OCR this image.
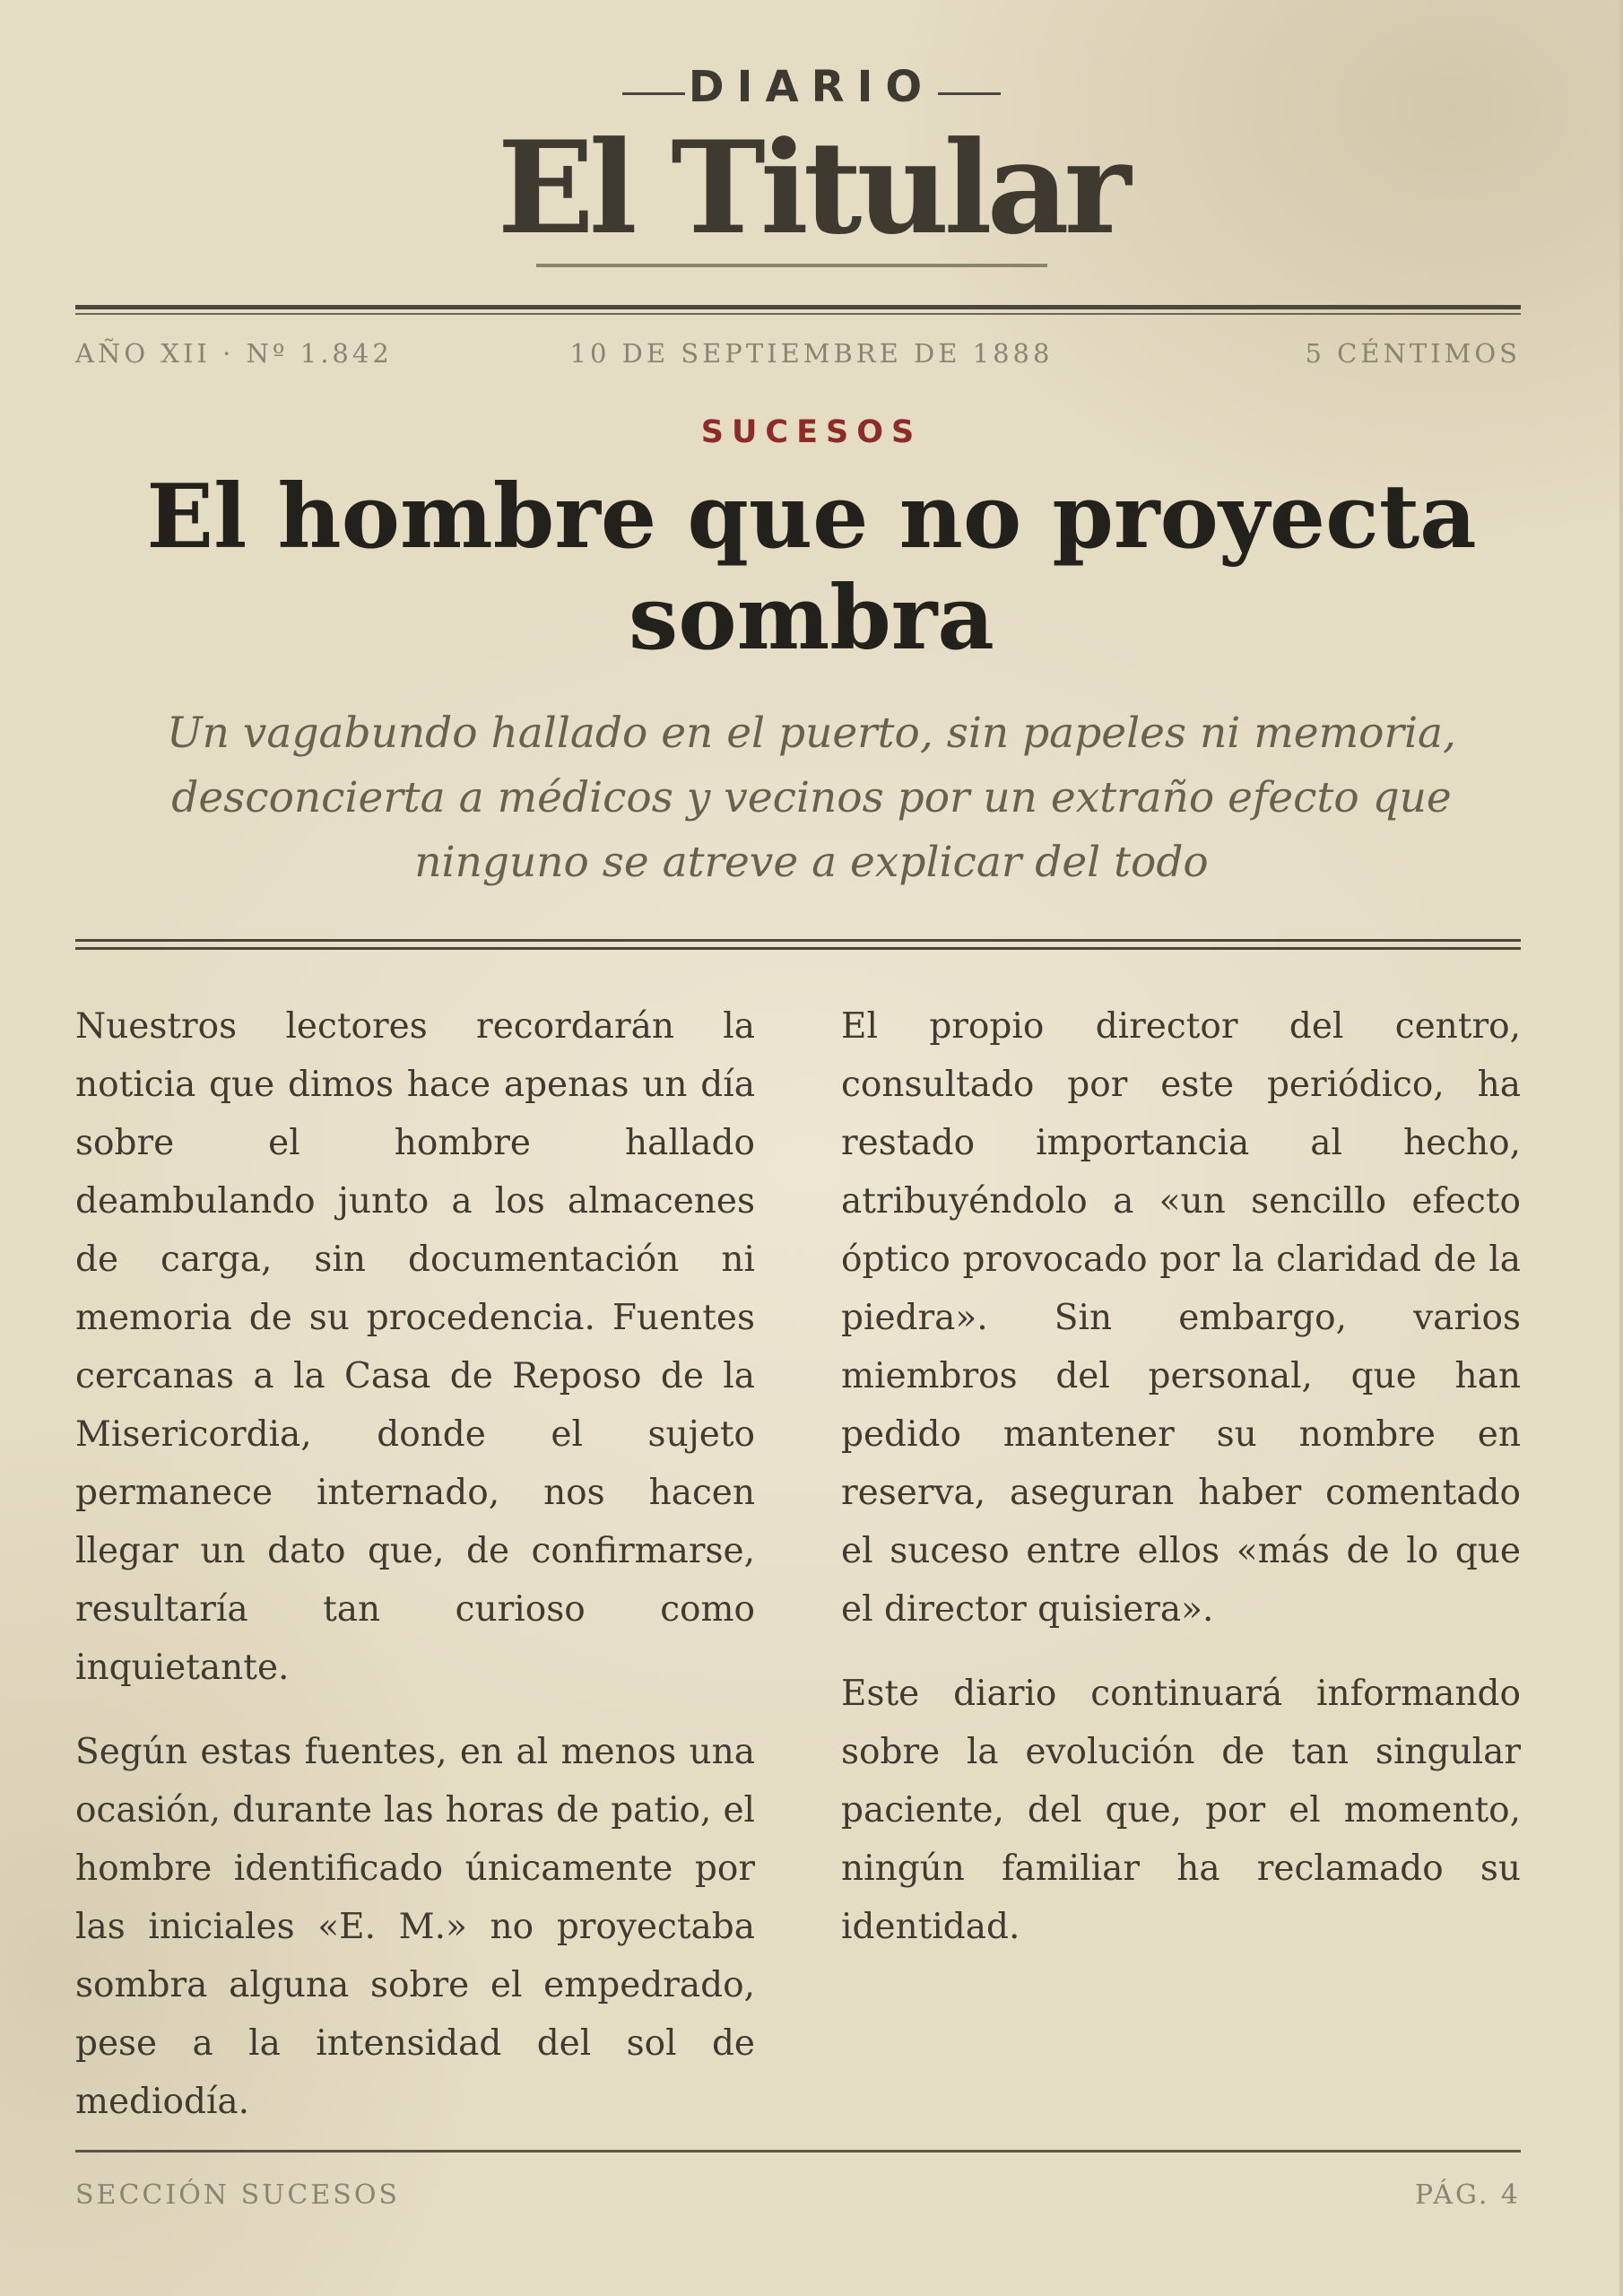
DIARIO
El Titular
AÑO XII · Nº 1.842	10 DE SEPTIEMBRE DE 1888	5 CÉNTIMOS
SUCESOS
El hombre que no proyecta sombra
Un vagabundo hallado en el puerto, sin papeles ni memoria, desconcierta a médicos y vecinos por un extraño efecto que ninguno se atreve a explicar del todo

Nuestros lectores recordarán la noticia que dimos hace apenas un día sobre el hombre hallado deambulando junto a los almacenes de carga, sin documentación ni memoria de su procedencia. Fuentes cercanas a la Casa de Reposo de la Misericordia, donde el sujeto permanece internado, nos hacen llegar un dato que, de confirmarse, resultaría tan curioso como inquietante.

Según estas fuentes, en al menos una ocasión, durante las horas de patio, el hombre identificado únicamente por las iniciales «E. M.» no proyectaba sombra alguna sobre el empedrado, pese a la intensidad del sol de mediodía.

El propio director del centro, consultado por este periódico, ha restado importancia al hecho, atribuyéndolo a «un sencillo efecto óptico provocado por la claridad de la piedra». Sin embargo, varios miembros del personal, que han pedido mantener su nombre en reserva, aseguran haber comentado el suceso entre ellos «más de lo que el director quisiera».

Este diario continuará informando sobre la evolución de tan singular paciente, del que, por el momento, ningún familiar ha reclamado su identidad.

SECCIÓN SUCESOS	PÁG. 4
